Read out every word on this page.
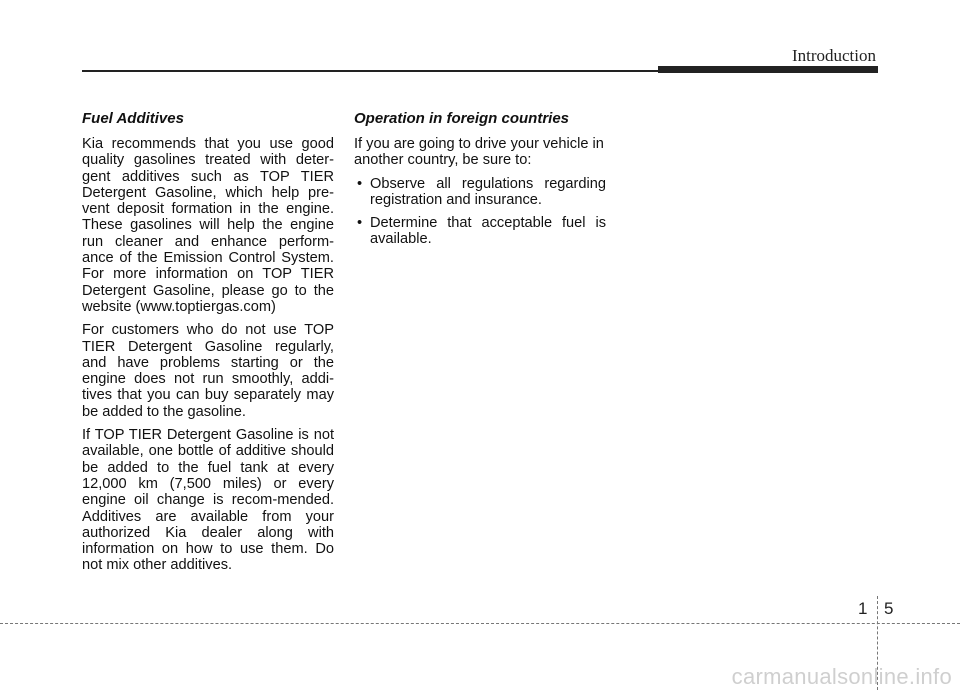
Introduction
Fuel Additives

Kia recommends that you use good quality gasolines treated with deter-gent additives such as TOP TIER Detergent Gasoline, which help pre-vent deposit formation in the engine. These gasolines will help the engine run cleaner and enhance perform-ance of the Emission Control System. For more information on TOP TIER Detergent Gasoline, please go to the website (www.toptiergas.com)

For customers who do not use TOP TIER Detergent Gasoline regularly, and have problems starting or the engine does not run smoothly, addi-tives that you can buy separately may be added to the gasoline.

If TOP TIER Detergent Gasoline is not available, one bottle of additive should be added to the fuel tank at every 12,000 km (7,500 miles) or every engine oil change is recom-mended. Additives are available from your authorized Kia dealer along with information on how to use them. Do not mix other additives.

Operation in foreign countries

If you are going to drive your vehicle in another country, be sure to:

• Observe all regulations regarding registration and insurance.
• Determine that acceptable fuel is available.
1 5
carmanualsonline.info
